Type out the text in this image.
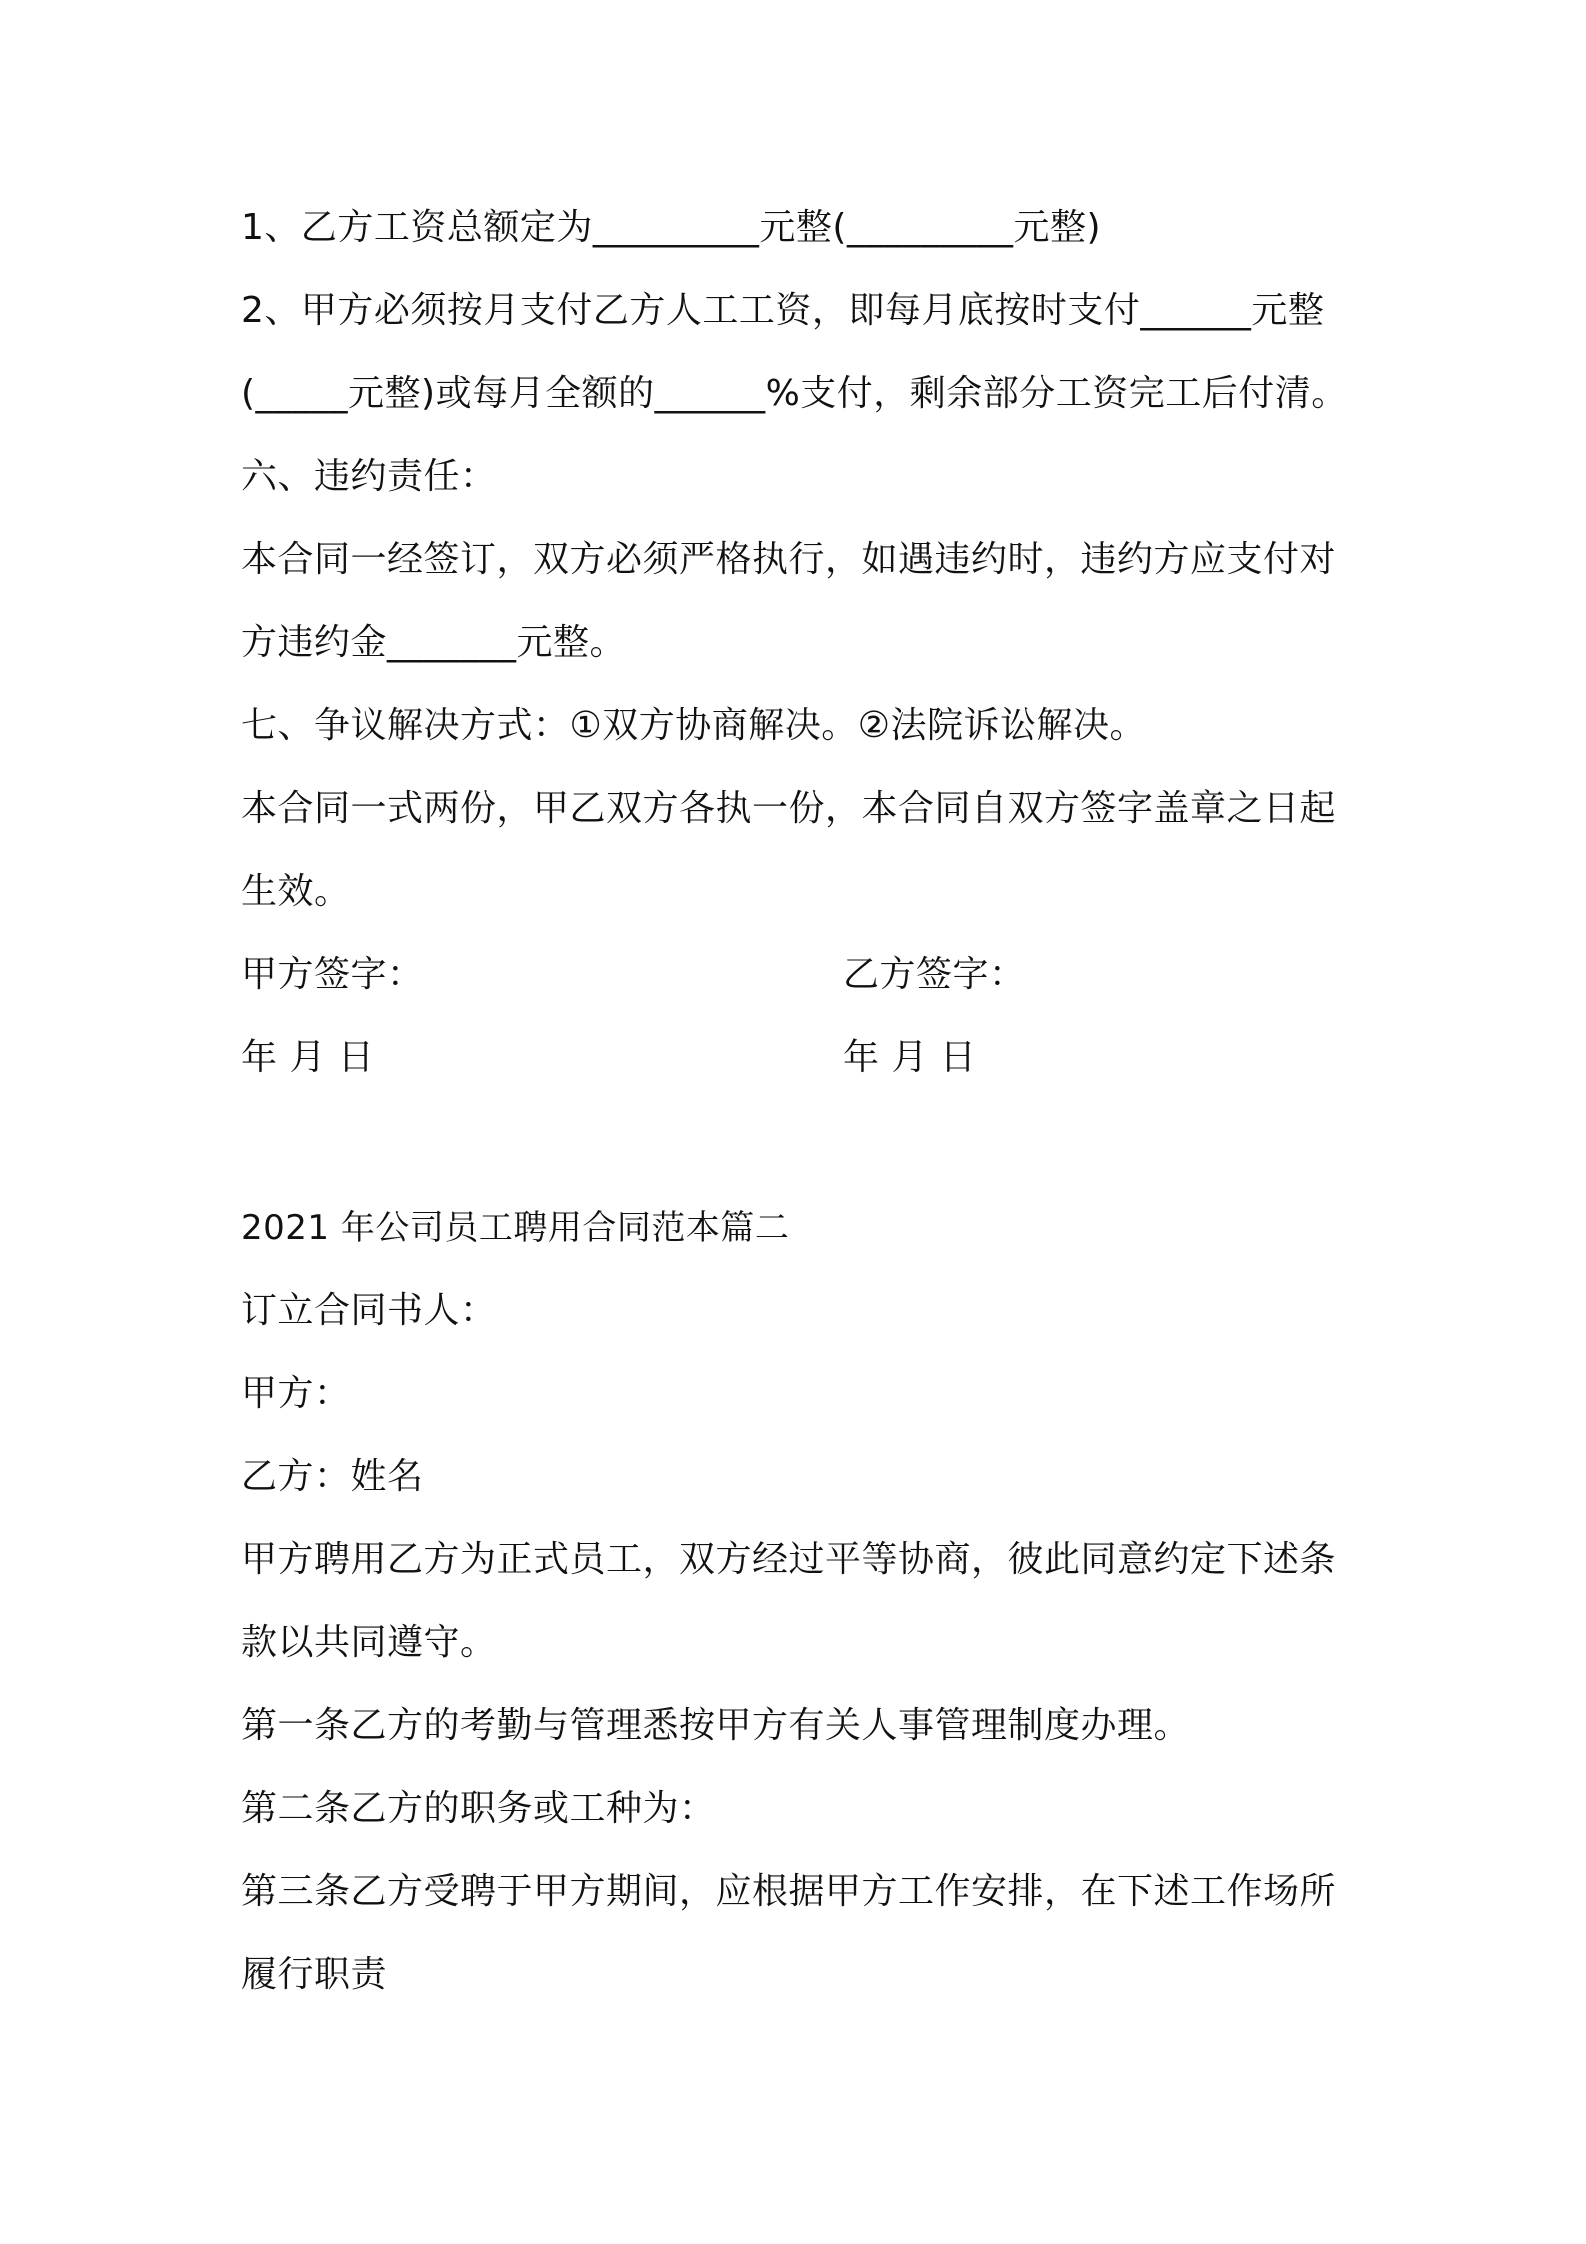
1、乙方工资总额定为_________元整(_________元整)
2、甲方必须按月支付乙方人工工资，即每月底按时支付______元整
(_____元整)或每月全额的______%支付，剩余部分工资完工后付清。
六、违约责任：
本合同一经签订，双方必须严格执行，如遇违约时，违约方应支付对
方违约金_______元整。
七、争议解决方式：①双方协商解决。②法院诉讼解决。
本合同一式两份，甲乙双方各执一份，本合同自双方签字盖章之日起
生效。
甲方签字：	乙方签字：
年 月 日	年 月 日
2021 年公司员工聘用合同范本篇二
订立合同书人：
甲方：
乙方：姓名
甲方聘用乙方为正式员工，双方经过平等协商，彼此同意约定下述条
款以共同遵守。
第一条乙方的考勤与管理悉按甲方有关人事管理制度办理。
第二条乙方的职务或工种为：
第三条乙方受聘于甲方期间，应根据甲方工作安排，在下述工作场所
履行职责
